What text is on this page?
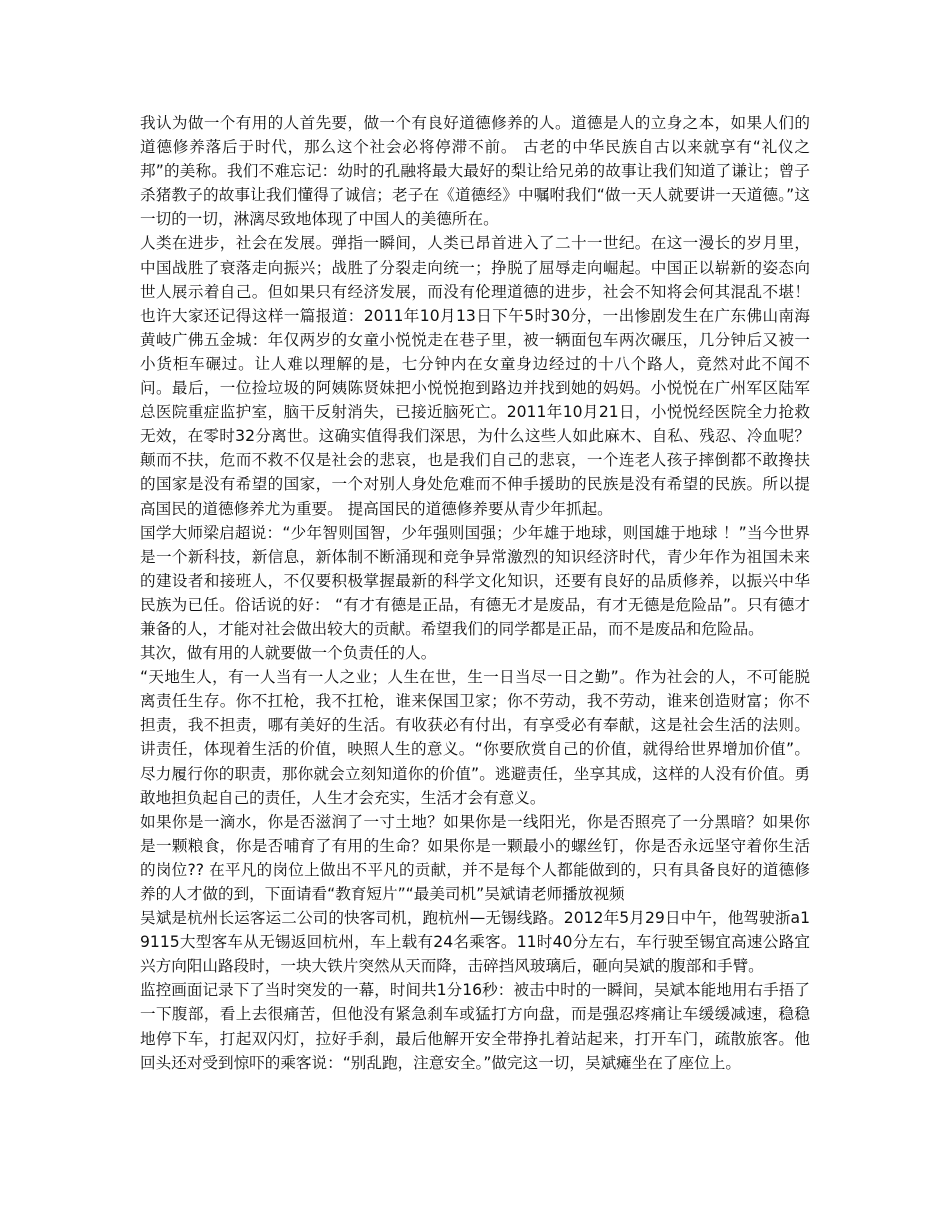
我认为做一个有用的人首先要，做一个有良好道德修养的人。道德是人的立身之本，如果人们的道德修养落后于时代，那么这个社会必将停滞不前。 古老的中华民族自古以来就享有“礼仪之邦”的美称。我们不难忘记：幼时的孔融将最大最好的梨让给兄弟的故事让我们知道了谦让；曾子杀猪教子的故事让我们懂得了诚信；老子在《道德经》中嘱咐我们“做一天人就要讲一天道德。”这一切的一切，淋漓尽致地体现了中国人的美德所在。

人类在进步，社会在发展。弹指一瞬间，人类已昂首进入了二十一世纪。在这一漫长的岁月里，中国战胜了衰落走向振兴；战胜了分裂走向统一；挣脱了屈辱走向崛起。中国正以崭新的姿态向世人展示着自己。但如果只有经济发展，而没有伦理道德的进步，社会不知将会何其混乱不堪！ 也许大家还记得这样一篇报道：2011年10月13日下午5时30分，一出惨剧发生在广东佛山南海黄岐广佛五金城：年仅两岁的女童小悦悦走在巷子里，被一辆面包车两次碾压，几分钟后又被一小货柜车碾过。让人难以理解的是，七分钟内在女童身边经过的十八个路人，竟然对此不闻不问。最后，一位捡垃圾的阿姨陈贤妹把小悦悦抱到路边并找到她的妈妈。小悦悦在广州军区陆军总医院重症监护室，脑干反射消失，已接近脑死亡。2011年10月21日，小悦悦经医院全力抢救无效，在零时32分离世。这确实值得我们深思，为什么这些人如此麻木、自私、残忍、冷血呢？颠而不扶，危而不救不仅是社会的悲哀，也是我们自己的悲哀，一个连老人孩子摔倒都不敢搀扶的国家是没有希望的国家，一个对别人身处危难而不伸手援助的民族是没有希望的民族。所以提高国民的道德修养尤为重要。 提高国民的道德修养要从青少年抓起。

国学大师梁启超说：“少年智则国智，少年强则国强；少年雄于地球，则国雄于地球 ！”当今世界是一个新科技，新信息，新体制不断涌现和竞争异常激烈的知识经济时代，青少年作为祖国未来的建设者和接班人，不仅要积极掌握最新的科学文化知识，还要有良好的品质修养，以振兴中华民族为已任。俗话说的好： “有才有德是正品，有德无才是废品，有才无德是危险品”。只有德才兼备的人，才能对社会做出较大的贡献。希望我们的同学都是正品，而不是废品和危险品。

其次，做有用的人就要做一个负责任的人。

“天地生人，有一人当有一人之业；人生在世，生一日当尽一日之勤”。作为社会的人，不可能脱离责任生存。你不扛枪，我不扛枪，谁来保国卫家；你不劳动，我不劳动，谁来创造财富；你不担责，我不担责，哪有美好的生活。有收获必有付出，有享受必有奉献，这是社会生活的法则。讲责任，体现着生活的价值，映照人生的意义。“你要欣赏自己的价值，就得给世界增加价值”。尽力履行你的职责，那你就会立刻知道你的价值”。逃避责任，坐享其成，这样的人没有价值。勇敢地担负起自己的责任，人生才会充实，生活才会有意义。

如果你是一滴水，你是否滋润了一寸土地？如果你是一线阳光，你是否照亮了一分黑暗？如果你是一颗粮食，你是否哺育了有用的生命？如果你是一颗最小的螺丝钉，你是否永远坚守着你生活的岗位?? 在平凡的岗位上做出不平凡的贡献，并不是每个人都能做到的，只有具备良好的道德修养的人才做的到，下面请看“教育短片”“最美司机”吴斌请老师播放视频

吴斌是杭州长运客运二公司的快客司机，跑杭州—无锡线路。2012年5月29日中午，他驾驶浙a19115大型客车从无锡返回杭州，车上载有24名乘客。11时40分左右，车行驶至锡宜高速公路宜兴方向阳山路段时，一块大铁片突然从天而降，击碎挡风玻璃后，砸向吴斌的腹部和手臂。

监控画面记录下了当时突发的一幕，时间共1分16秒：被击中时的一瞬间，吴斌本能地用右手捂了一下腹部，看上去很痛苦，但他没有紧急刹车或猛打方向盘，而是强忍疼痛让车缓缓减速，稳稳地停下车，打起双闪灯，拉好手刹，最后他解开安全带挣扎着站起来，打开车门，疏散旅客。他回头还对受到惊吓的乘客说：“别乱跑，注意安全。”做完这一切，吴斌瘫坐在了座位上。
